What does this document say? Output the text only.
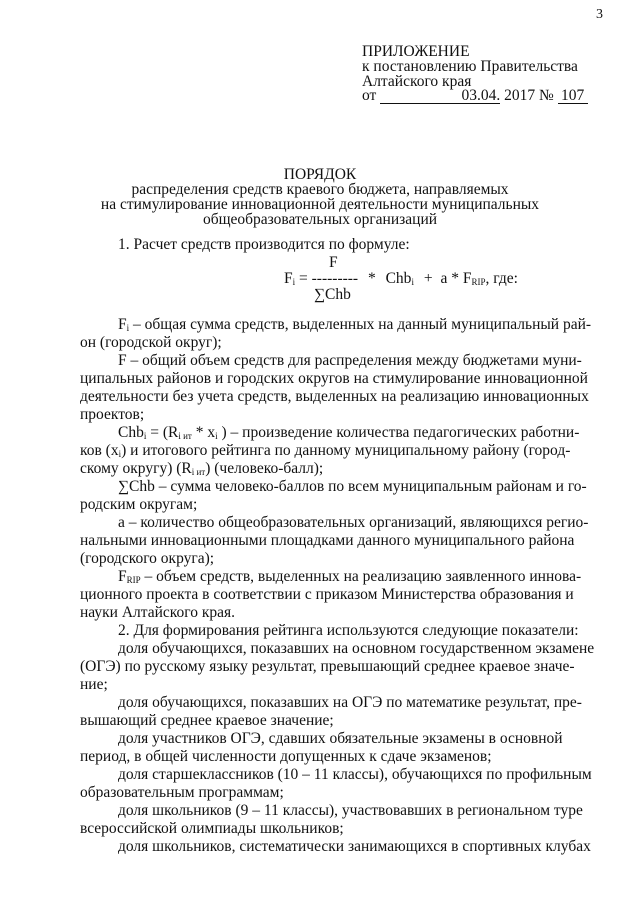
3
ПРИЛОЖЕНИЕ
к постановлению Правительства
Алтайского края
от	03.04. 2017 № 107
ПОРЯДОК
распределения средств краевого бюджета, направляемых
на стимулирование инновационной деятельности муниципальных
общеобразовательных организаций
1. Расчет средств производится по формуле:
F
$F_i$ = --------- * $Chb_i + a * F_{RIP}$, где:
∑Chb
$F_i$ – общая сумма средств, выделенных на данный муниципальный рай-
он (городской округ);
F – общий объем средств для распределения между бюджетами муни-
ципальных районов и городских округов на стимулирование инновационной
деятельности без учета средств, выделенных на реализацию инновационных
проектов;
$Chb_i = (R_{i ит} * x_i$ ) – произведение количества педагогических работни-
ков $(x_i)$ и итогового рейтинга по данному муниципальному району (город-
скому округу) $(R_{i ит})$ (человеко-балл);
∑Chb – сумма человеко-баллов по всем муниципальным районам и го-
родским округам;
a – количество общеобразовательных организаций, являющихся регио-
нальными инновационными площадками данного муниципального района
(городского округа);
$F_{RIP}$ – объем средств, выделенных на реализацию заявленного иннова-
ционного проекта в соответствии с приказом Министерства образования и
науки Алтайского края.
2. Для формирования рейтинга используются следующие показатели:
доля обучающихся, показавших на основном государственном экзамене
(ОГЭ) по русскому языку результат, превышающий среднее краевое значе-
ние;
доля обучающихся, показавших на ОГЭ по математике результат, пре-
вышающий среднее краевое значение;
доля участников ОГЭ, сдавших обязательные экзамены в основной
период, в общей численности допущенных к сдаче экзаменов;
доля старшеклассников (10 – 11 классы), обучающихся по профильным
образовательным программам;
доля школьников (9 – 11 классы), участвовавших в региональном туре
всероссийской олимпиады школьников;
доля школьников, систематически занимающихся в спортивных клубах
